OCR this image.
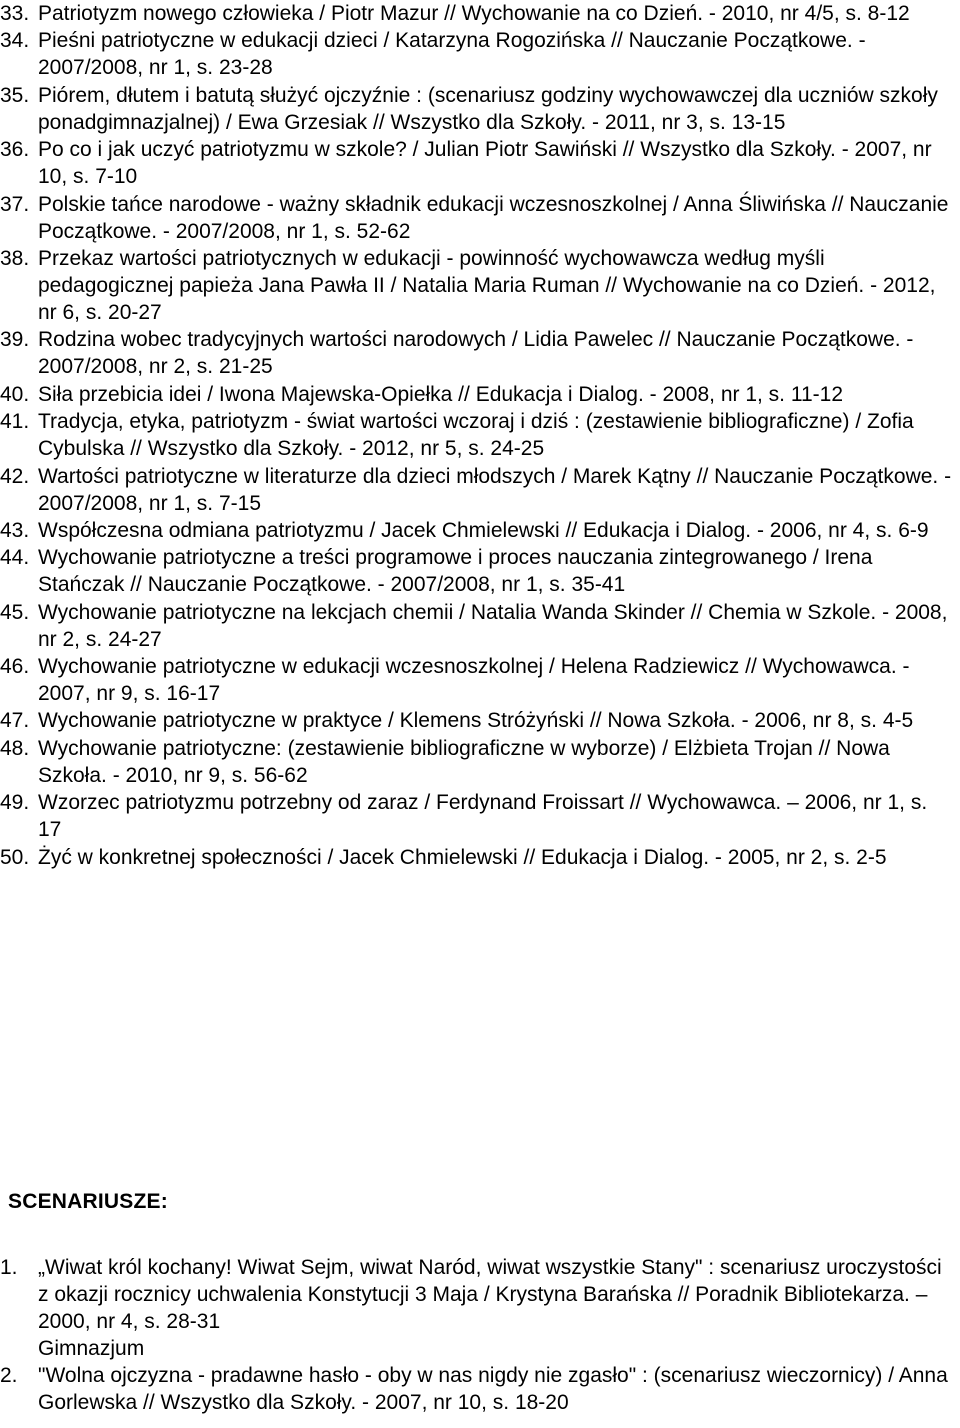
33. Patriotyzm nowego człowieka / Piotr Mazur // Wychowanie na co Dzień. - 2010, nr 4/5, s. 8-12
34. Pieśni patriotyczne w edukacji dzieci / Katarzyna Rogozińska // Nauczanie Początkowe. - 2007/2008, nr 1, s. 23-28
35. Piórem, dłutem i batutą służyć ojczyźnie : (scenariusz godziny wychowawczej dla uczniów szkoły ponadgimnazjalnej) / Ewa Grzesiak // Wszystko dla Szkoły. - 2011, nr 3, s. 13-15
36. Po co i jak uczyć patriotyzmu w szkole? / Julian Piotr Sawiński // Wszystko dla Szkoły. - 2007, nr 10, s. 7-10
37. Polskie tańce narodowe - ważny składnik edukacji wczesnoszkolnej / Anna Śliwińska // Nauczanie Początkowe. - 2007/2008, nr 1, s. 52-62
38. Przekaz wartości patriotycznych w edukacji - powinność wychowawcza według myśli pedagogicznej papieża Jana Pawła II / Natalia Maria Ruman // Wychowanie na co Dzień. - 2012, nr 6, s. 20-27
39. Rodzina wobec tradycyjnych wartości narodowych / Lidia Pawelec // Nauczanie Początkowe. - 2007/2008, nr 2, s. 21-25
40. Siła przebicia idei / Iwona Majewska-Opiełka // Edukacja i Dialog. - 2008, nr 1, s. 11-12
41. Tradycja, etyka, patriotyzm - świat wartości wczoraj i dziś : (zestawienie bibliograficzne) / Zofia Cybulska // Wszystko dla Szkoły. - 2012, nr 5, s. 24-25
42. Wartości patriotyczne w literaturze dla dzieci młodszych / Marek Kątny // Nauczanie Początkowe. - 2007/2008, nr 1, s. 7-15
43. Współczesna odmiana patriotyzmu / Jacek Chmielewski // Edukacja i Dialog. - 2006, nr 4, s. 6-9
44. Wychowanie patriotyczne a treści programowe i proces nauczania zintegrowanego / Irena Stańczak // Nauczanie Początkowe. - 2007/2008, nr 1, s. 35-41
45. Wychowanie patriotyczne na lekcjach chemii / Natalia Wanda Skinder // Chemia w Szkole. - 2008, nr 2, s. 24-27
46. Wychowanie patriotyczne w edukacji wczesnoszkolnej / Helena Radziewicz // Wychowawca. - 2007, nr 9, s. 16-17
47. Wychowanie patriotyczne w praktyce / Klemens Stróżyński // Nowa Szkoła. - 2006, nr 8, s. 4-5
48. Wychowanie patriotyczne: (zestawienie bibliograficzne w wyborze) / Elżbieta Trojan // Nowa Szkoła. - 2010, nr 9, s. 56-62
49. Wzorzec patriotyzmu potrzebny od zaraz / Ferdynand Froissart // Wychowawca. – 2006, nr 1, s. 17
50. Żyć w konkretnej społeczności / Jacek Chmielewski // Edukacja i Dialog. - 2005, nr 2, s. 2-5
SCENARIUSZE:
1. „Wiwat król kochany! Wiwat Sejm, wiwat Naród, wiwat wszystkie Stany" : scenariusz uroczystości z okazji rocznicy uchwalenia Konstytucji 3 Maja / Krystyna Barańska // Poradnik Bibliotekarza. – 2000, nr 4, s. 28-31
Gimnazjum
2. "Wolna ojczyzna - pradawne hasło - oby w nas nigdy nie zgasło" : (scenariusz wieczornicy) / Anna Gorlewska // Wszystko dla Szkoły. - 2007, nr 10, s. 18-20
